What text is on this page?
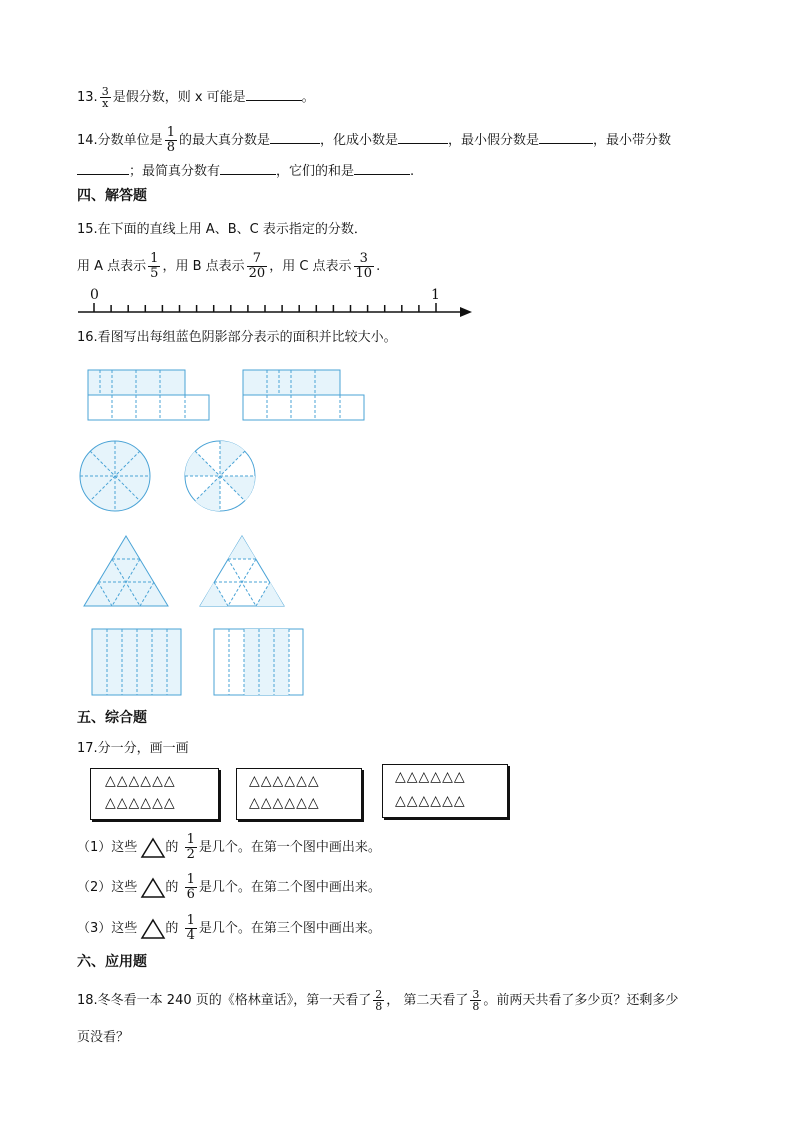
13. $\frac{3}{x}$ 是假分数，则 x 可能是	。
14.分数单位是 $\frac{1}{8}$ 的最大真分数是	，化成小数是	，最小假分数是	，最小带分数
；最简真分数有	，它们的和是	.
四、解答题
15.在下面的直线上用 A、B、C 表示指定的分数．
用 A 点表示 $\frac{1}{5}$ ，用 B 点表示 $\frac{7}{20}$ ，用 C 点表示 $\frac{3}{10}$ .
0	1
16.看图写出每组蓝色阴影部分表示的面积并比较大小。
五、综合题
17.分一分，画一画
△△△△△△
△△△△△△
△△△△△△
△△△△△△
△△△△△△
△△△△△△
（1）这些 的 $\frac{1}{2}$ 是几个。在第一个图中画出来。
（2）这些 的 $\frac{1}{6}$ 是几个。在第二个图中画出来。
（3）这些 的 $\frac{1}{4}$ 是几个。在第三个图中画出来。
六、应用题
18.冬冬看一本 240 页的《格林童话》，第一天看了 $\frac{2}{8}$ ， 第二天看了 $\frac{3}{8}$ 。前两天共看了多少页？还剩多少
页没看？
